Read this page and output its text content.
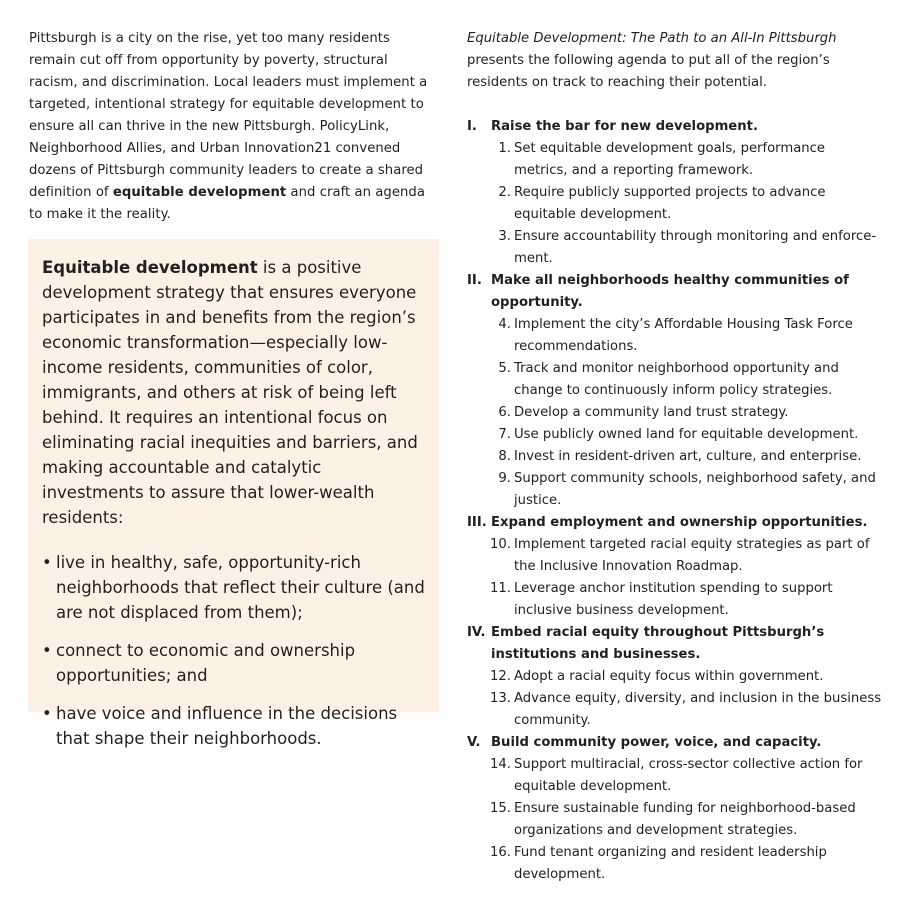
Pittsburgh is a city on the rise, yet too many residents remain cut off from opportunity by poverty, structural racism, and discrimination. Local leaders must implement a targeted, intentional strategy for equitable development to ensure all can thrive in the new Pittsburgh. PolicyLink, Neighborhood Allies, and Urban Innovation21 convened dozens of Pittsburgh community leaders to create a shared definition of equitable development and craft an agenda to make it the reality.

Equitable development is a positive development strategy that ensures everyone participates in and benefits from the region’s economic transformation—especially low-income residents, communities of color, immigrants, and others at risk of being left behind. It requires an intentional focus on eliminating racial inequities and barriers, and making accountable and catalytic investments to assure that lower-wealth residents:

• live in healthy, safe, opportunity-rich neighborhoods that reflect their culture (and are not displaced from them);
• connect to economic and ownership opportunities; and
• have voice and influence in the decisions that shape their neighborhoods.

Equitable Development: The Path to an All-In Pittsburgh presents the following agenda to put all of the region’s residents on track to reaching their potential.

I. Raise the bar for new development.
1. Set equitable development goals, performance metrics, and a reporting framework.
2. Require publicly supported projects to advance equitable development.
3. Ensure accountability through monitoring and enforcement.
II. Make all neighborhoods healthy communities of opportunity.
4. Implement the city’s Affordable Housing Task Force recommendations.
5. Track and monitor neighborhood opportunity and change to continuously inform policy strategies.
6. Develop a community land trust strategy.
7. Use publicly owned land for equitable development.
8. Invest in resident-driven art, culture, and enterprise.
9. Support community schools, neighborhood safety, and justice.
III. Expand employment and ownership opportunities.
10. Implement targeted racial equity strategies as part of the Inclusive Innovation Roadmap.
11. Leverage anchor institution spending to support inclusive business development.
IV. Embed racial equity throughout Pittsburgh’s institutions and businesses.
12. Adopt a racial equity focus within government.
13. Advance equity, diversity, and inclusion in the business community.
V. Build community power, voice, and capacity.
14. Support multiracial, cross-sector collective action for equitable development.
15. Ensure sustainable funding for neighborhood-based organizations and development strategies.
16. Fund tenant organizing and resident leadership development.
